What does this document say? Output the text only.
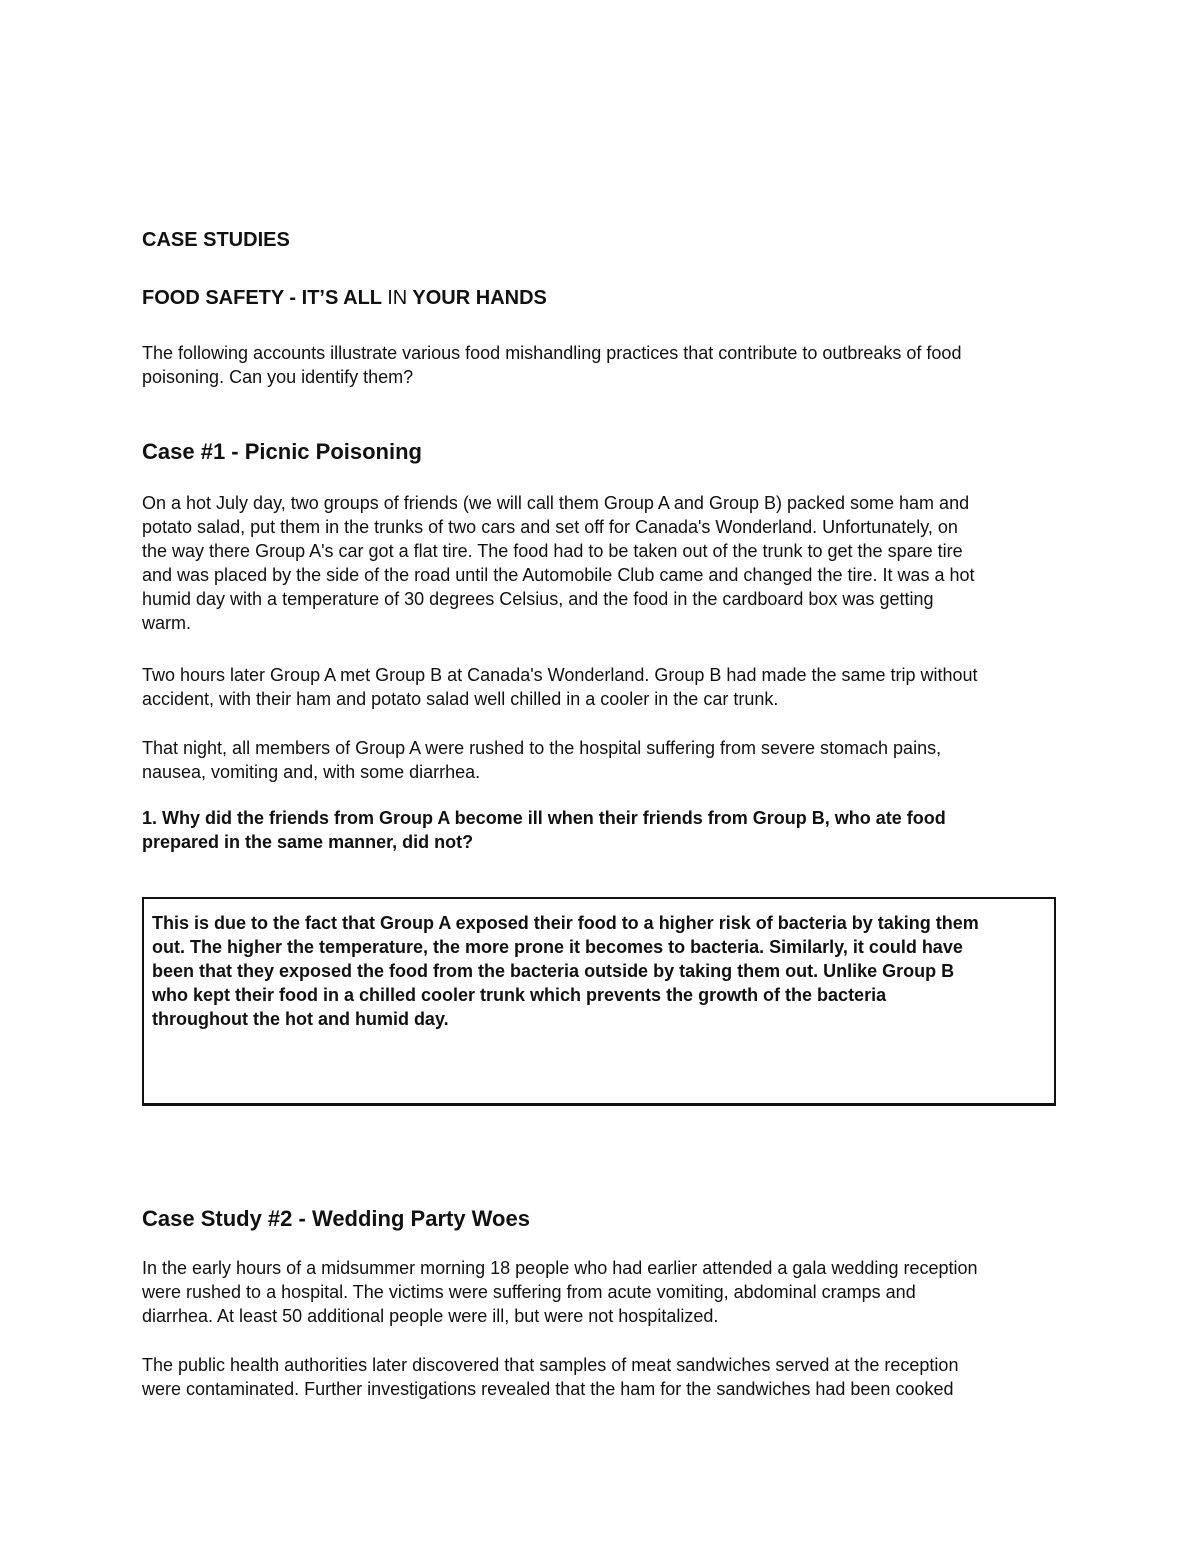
CASE STUDIES
FOOD SAFETY - IT’S ALL IN YOUR HANDS

The following accounts illustrate various food mishandling practices that contribute to outbreaks of food
poisoning. Can you identify them?

Case #1 - Picnic Poisoning

On a hot July day, two groups of friends (we will call them Group A and Group B) packed some ham and
potato salad, put them in the trunks of two cars and set off for Canada's Wonderland. Unfortunately, on
the way there Group A's car got a flat tire. The food had to be taken out of the trunk to get the spare tire
and was placed by the side of the road until the Automobile Club came and changed the tire. It was a hot
humid day with a temperature of 30 degrees Celsius, and the food in the cardboard box was getting
warm.

Two hours later Group A met Group B at Canada's Wonderland. Group B had made the same trip without
accident, with their ham and potato salad well chilled in a cooler in the car trunk.

That night, all members of Group A were rushed to the hospital suffering from severe stomach pains,
nausea, vomiting and, with some diarrhea.

1. Why did the friends from Group A become ill when their friends from Group B, who ate food
prepared in the same manner, did not?

This is due to the fact that Group A exposed their food to a higher risk of bacteria by taking them
out. The higher the temperature, the more prone it becomes to bacteria. Similarly, it could have
been that they exposed the food from the bacteria outside by taking them out. Unlike Group B
who kept their food in a chilled cooler trunk which prevents the growth of the bacteria
throughout the hot and humid day.

Case Study #2 - Wedding Party Woes

In the early hours of a midsummer morning 18 people who had earlier attended a gala wedding reception
were rushed to a hospital. The victims were suffering from acute vomiting, abdominal cramps and
diarrhea. At least 50 additional people were ill, but were not hospitalized.

The public health authorities later discovered that samples of meat sandwiches served at the reception
were contaminated. Further investigations revealed that the ham for the sandwiches had been cooked
